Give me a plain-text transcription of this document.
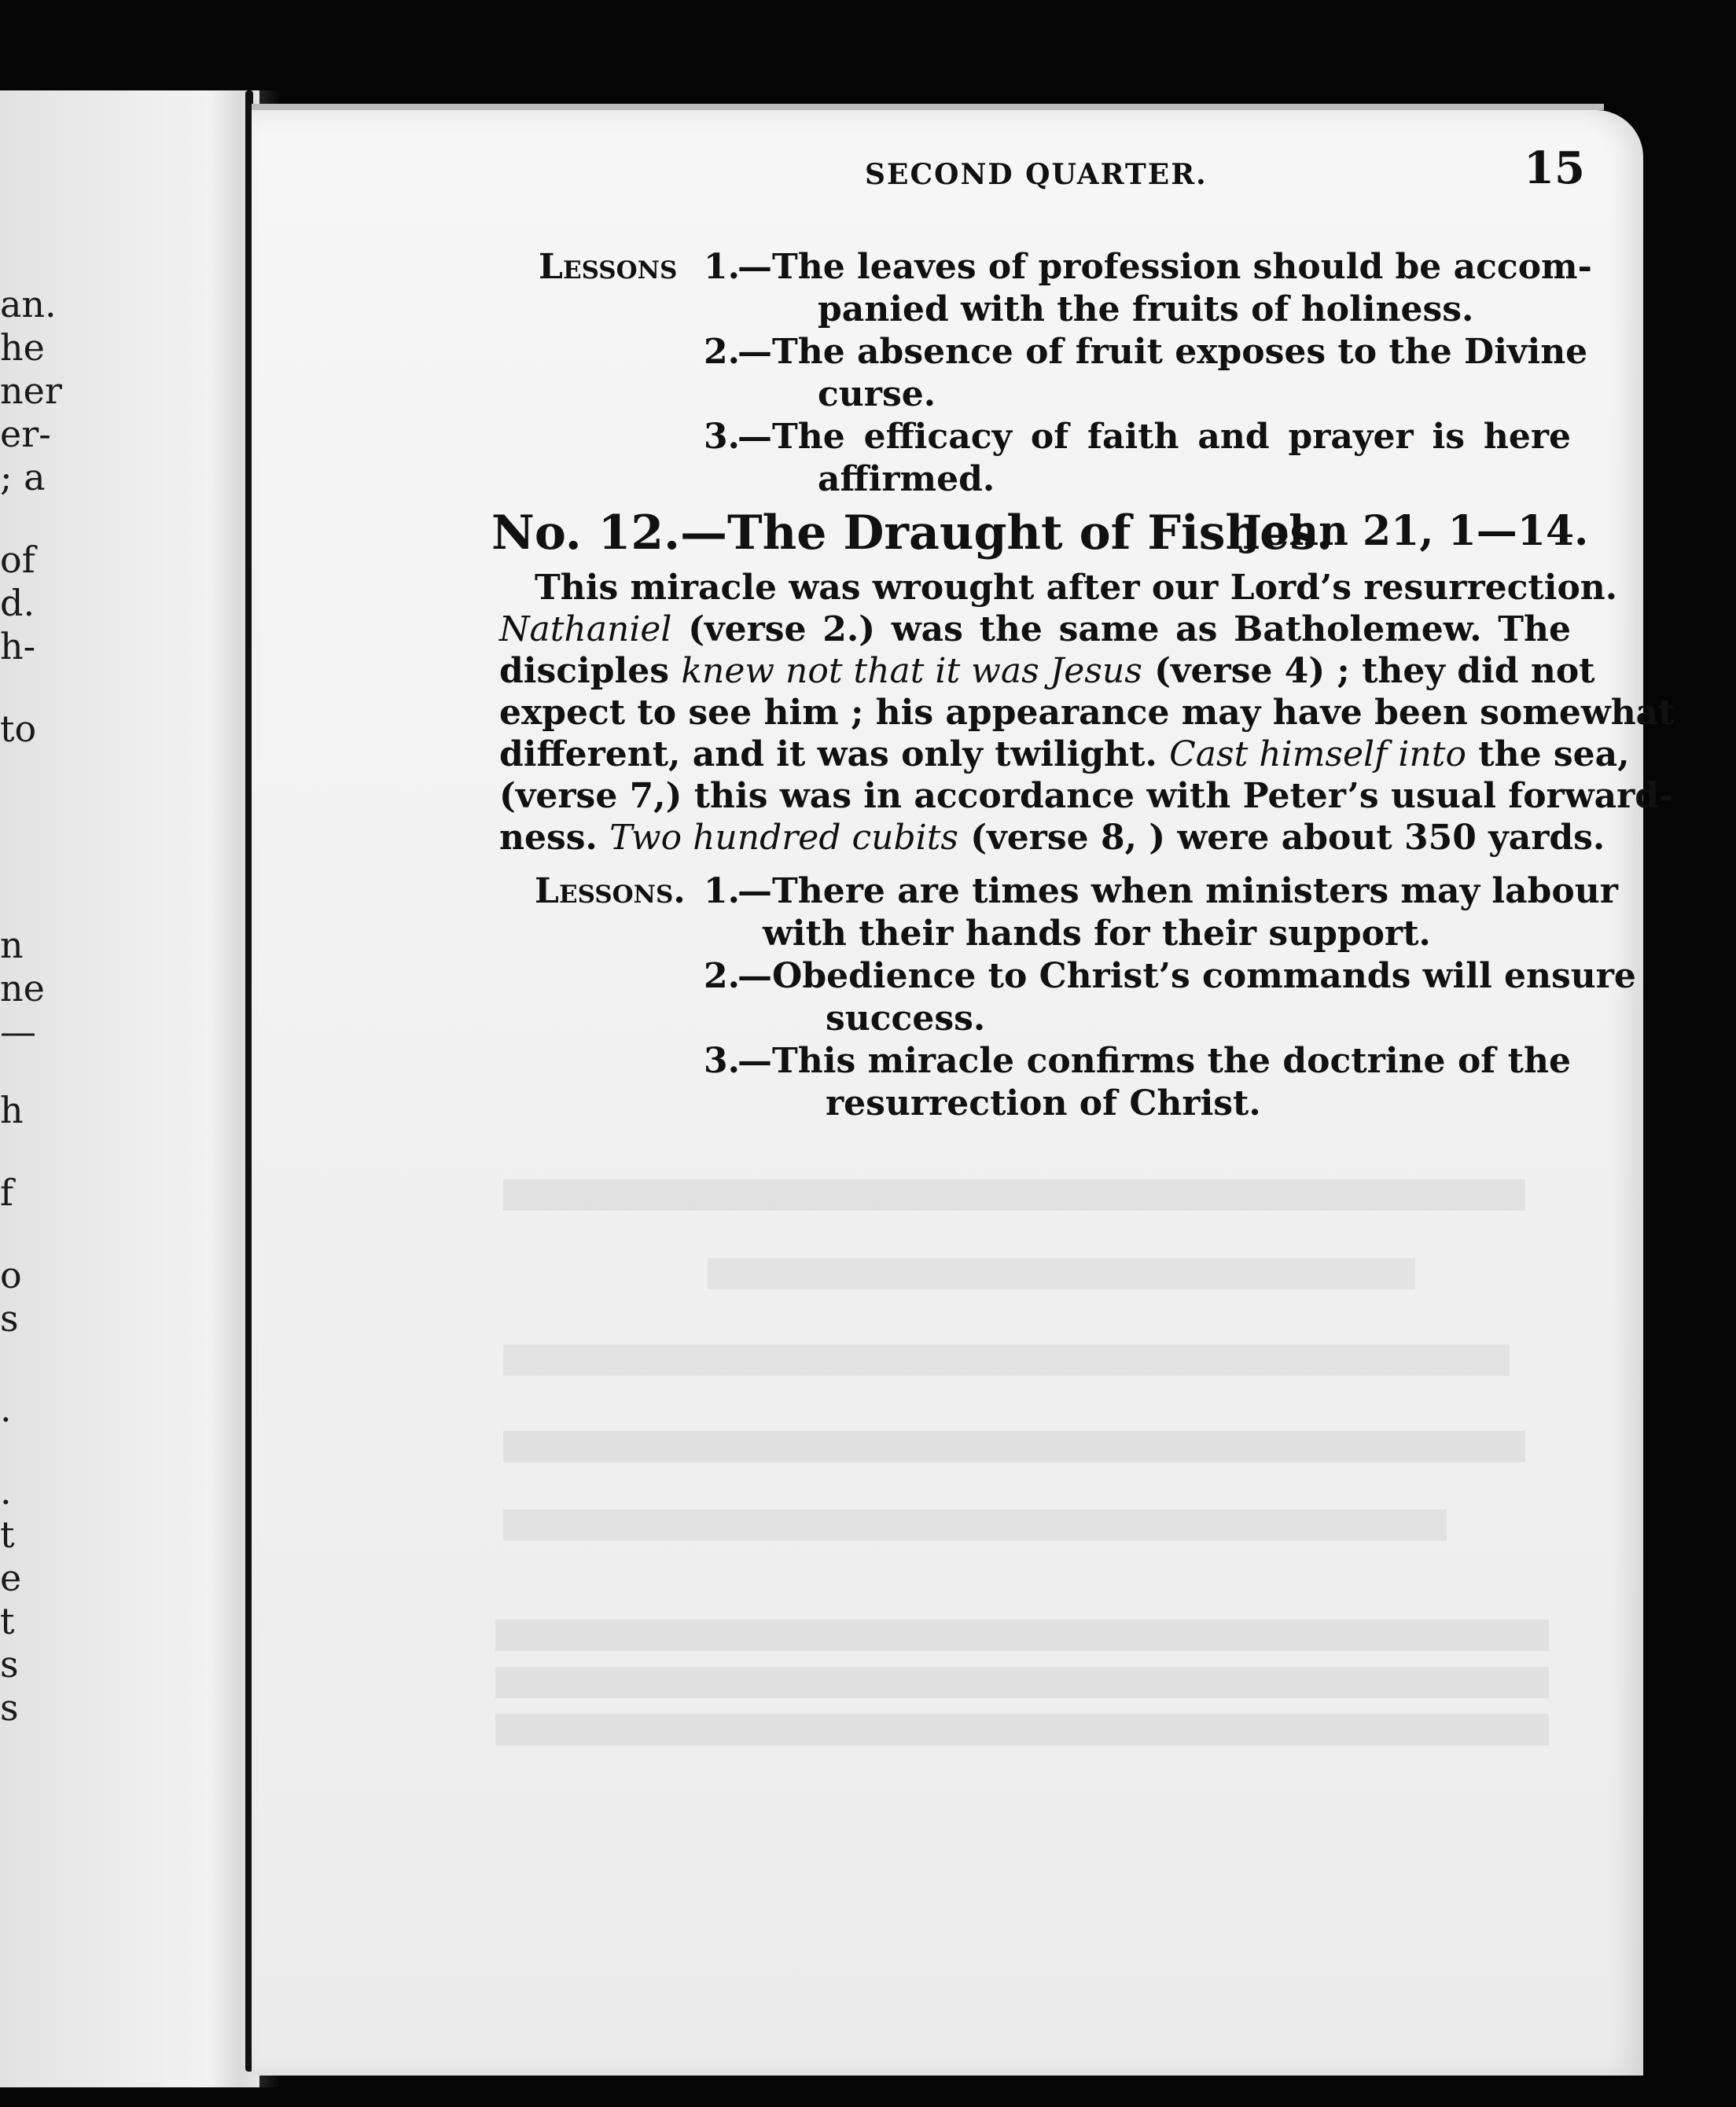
an.
he
ner
er-
; a
of
d.
h-
to
n
ne
—
h
f
o
s
.
.
t
e
t
s
s
SECOND QUARTER.	15
Lessons 1.
—The leaves of profession should be accom-
panied with the fruits of holiness.
2.
—The absence of fruit exposes to the Divine
curse.
3.
—The efficacy of faith and prayer is here
affirmed.
No. 12.—The Draught of Fishes.
John 21, 1—14.
This miracle was wrought after our Lord’s resurrection.
Nathaniel (verse 2.) was the same as Batholemew. The
disciples knew not that it was Jesus (verse 4) ; they did not
expect to see him ; his appearance may have been somewhat
different, and it was only twilight. Cast himself into the sea,
(verse 7,) this was in accordance with Peter’s usual forward-
ness. Two hundred cubits (verse 8, ) were about 350 yards.
Lessons. 1.
—There are times when ministers may labour
with their hands for their support.
2.
—Obedience to Christ’s commands will ensure
success.
3.
—This miracle confirms the doctrine of the
resurrection of Christ.
